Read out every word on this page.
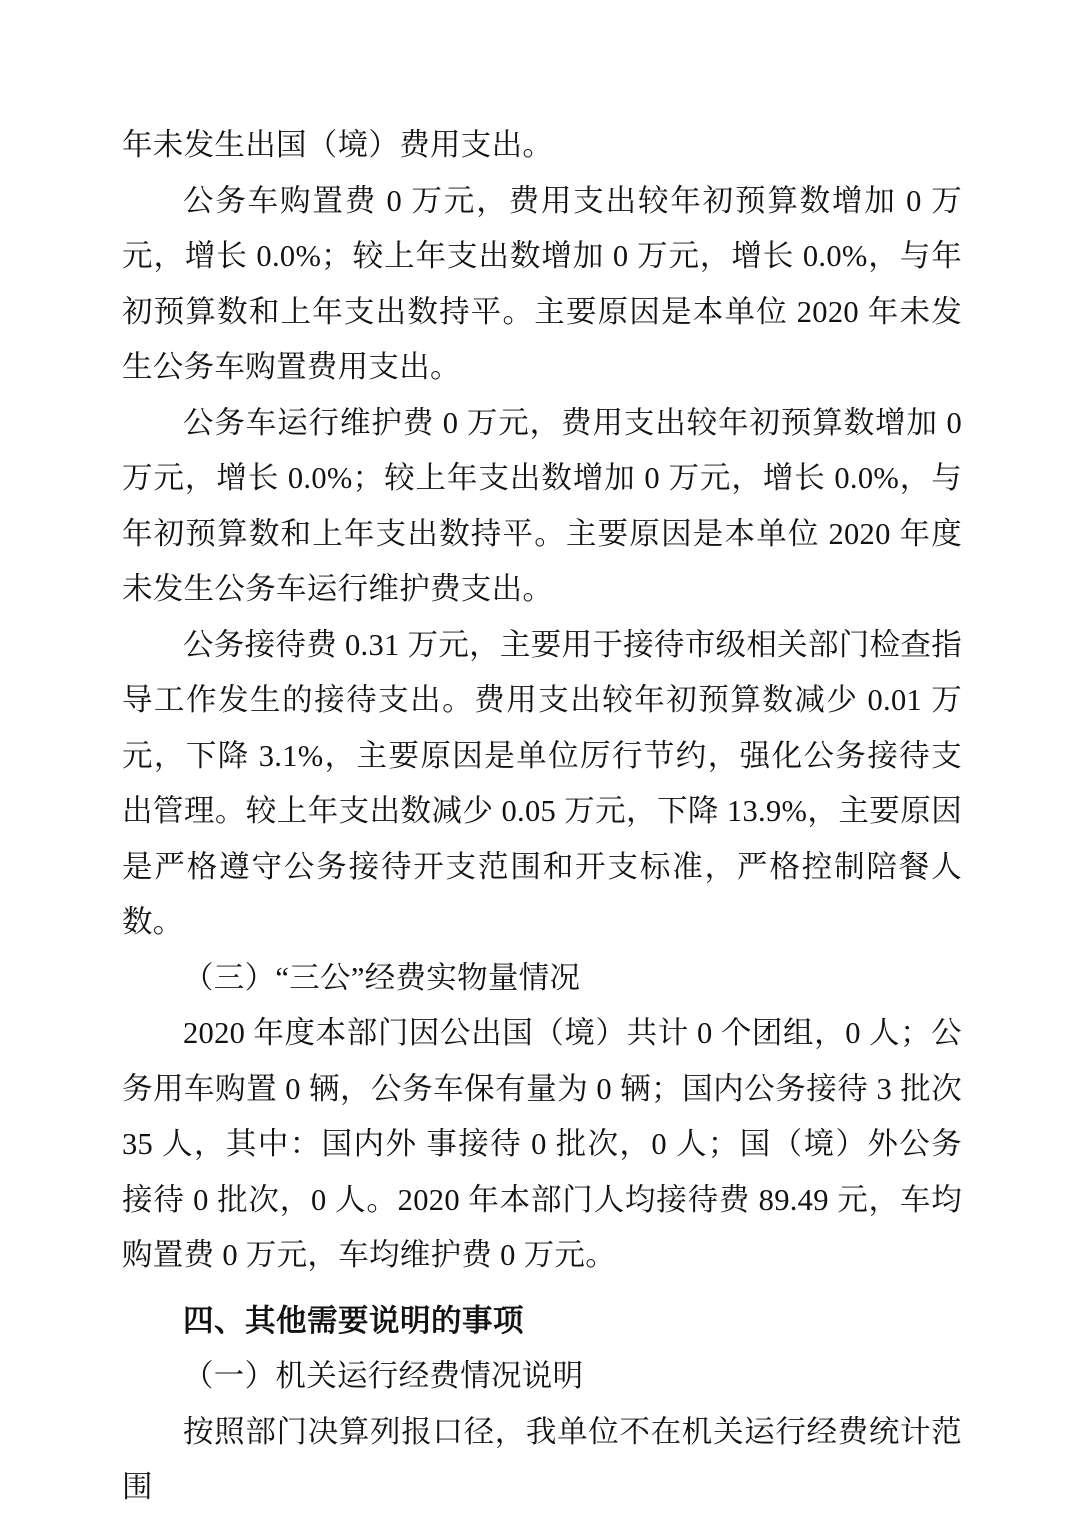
年未发生出国（境）费用支出。

公务车购置费 0 万元，费用支出较年初预算数增加 0 万元，增长 0.0%；较上年支出数增加 0 万元，增长 0.0%，与年初预算数和上年支出数持平。主要原因是本单位 2020 年未发生公务车购置费用支出。

公务车运行维护费 0 万元，费用支出较年初预算数增加 0 万元，增长 0.0%；较上年支出数增加 0 万元，增长 0.0%，与年初预算数和上年支出数持平。主要原因是本单位 2020 年度未发生公务车运行维护费支出。

公务接待费 0.31 万元，主要用于接待市级相关部门检查指导工作发生的接待支出。费用支出较年初预算数减少 0.01 万元，下降 3.1%，主要原因是单位厉行节约，强化公务接待支出管理。较上年支出数减少 0.05 万元，下降 13.9%，主要原因是严格遵守公务接待开支范围和开支标准，严格控制陪餐人数。

（三）“三公”经费实物量情况

2020 年度本部门因公出国（境）共计 0 个团组，0 人；公务用车购置 0 辆，公务车保有量为 0 辆；国内公务接待 3 批次 35 人，其中：国内外 事接待 0 批次，0 人；国（境）外公务接待 0 批次，0 人。2020 年本部门人均接待费 89.49 元，车均购置费 0 万元，车均维护费 0 万元。

四、其他需要说明的事项

（一）机关运行经费情况说明

按照部门决算列报口径，我单位不在机关运行经费统计范围
